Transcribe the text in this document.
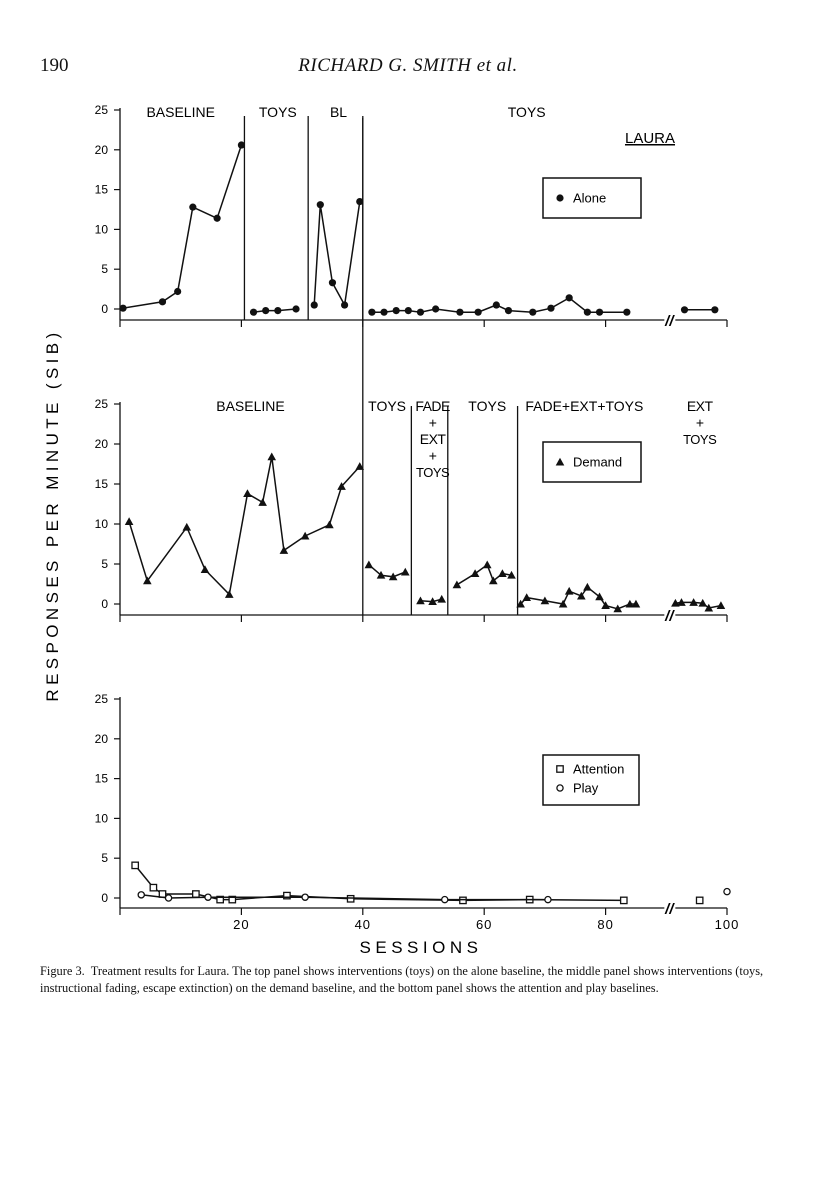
190	RICHARD G. SMITH et al.
LAURA
RESPONSES PER MINUTE (SIB)
SESSIONS
0
5
10
15
20
25
//
BASELINE	TOYS BL	TOYS
Alone
0
5
10
15
20
25
//
BASELINE	TOYS FADE
+
EXT
+
TOYS
TOYS FADE+EXT+TOYS	EXT
+
TOYS
Demand
0
5
10
15
20
25
//
20	40	60	80	100
Attention
Play
Figure 3. Treatment results for Laura. The top panel shows interventions (toys) on the alone baseline, the middle panel shows interventions (toys, instructional fading, escape extinction) on the demand baseline, and the bottom panel shows the attention and play baselines.
